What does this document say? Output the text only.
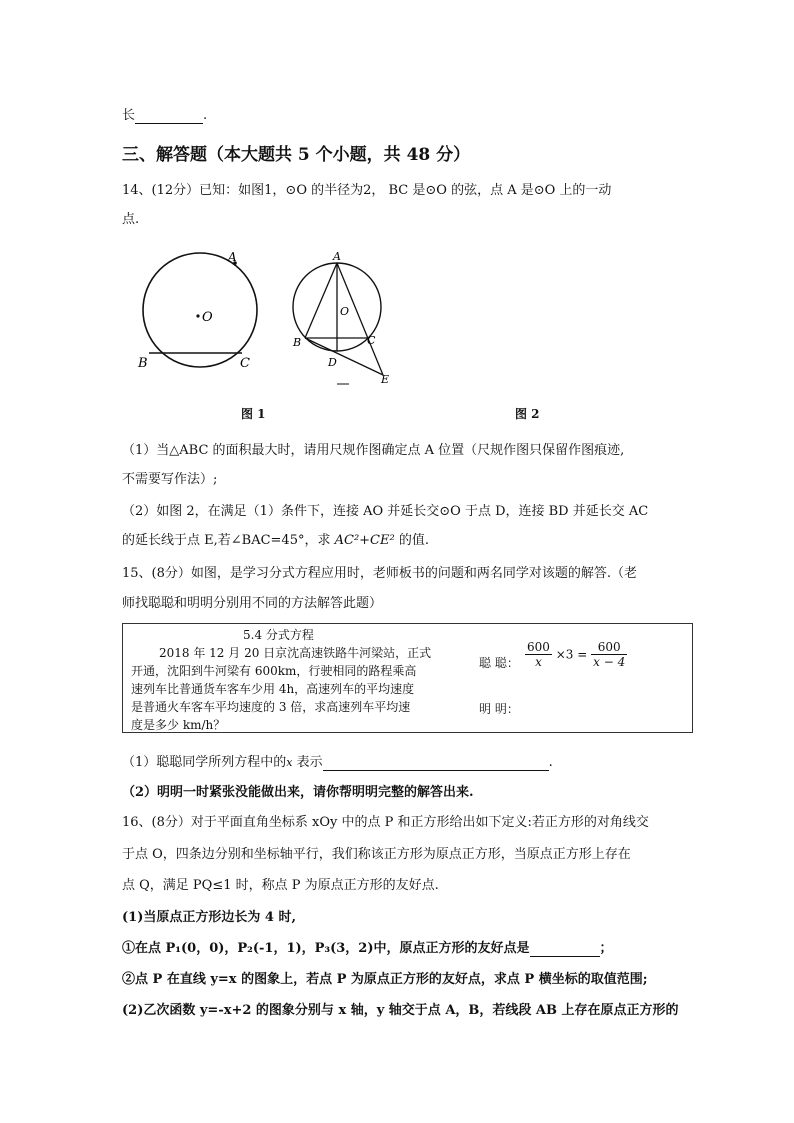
长	.
三、解答题（本大题共 5 个小题，共 48 分）
14、(12分）已知：如图1，⊙O 的半径为2， BC 是⊙O 的弦，点 A 是⊙O 上的一动
点.
A
O
B	C
A
O
B	C
D
E
图 1	图 2
（1）当△ABC 的面积最大时，请用尺规作图确定点 A 位置（尺规作图只保留作图痕迹,
不需要写作法）;
（2）如图 2，在满足（1）条件下，连接 AO 并延长交⊙O 于点 D，连接 BD 并延长交 AC
的延长线于点 E,若∠BAC=45°，求 AC²+CE² 的值.
15、(8分）如图，是学习分式方程应用时，老师板书的问题和两名同学对该题的解答.（老
师找聪聪和明明分别用不同的方法解答此题）
5.4 分式方程
2018 年 12 月 20 日京沈高速铁路牛河梁站，正式
开通，沈阳到牛河梁有 600km，行驶相同的路程乘高
速列车比普通货车客车少用 4h，高速列车的平均速度
是普通火车客车平均速度的 3 倍，求高速列车平均速
度是多少 km/h？
聪 聪： $\frac{600}{x} \times 3 = \frac{600}{x - 4}$
明 明：
（1）聪聪同学所列方程中的x 表示	.
（2）明明一时紧张没能做出来，请你帮明明完整的解答出来.
16、(8分）对于平面直角坐标系 xOy 中的点 P 和正方形给出如下定义:若正方形的对角线交
于点 O，四条边分别和坐标轴平行，我们称该正方形为原点正方形，当原点正方形上存在
点 Q，满足 PQ≤1 时，称点 P 为原点正方形的友好点.
(1)当原点正方形边长为 4 时,
①在点 P₁(0，0)，P₂(-1，1)，P₃(3，2)中，原点正方形的友好点是	；
②点 P 在直线 y=x 的图象上，若点 P 为原点正方形的友好点，求点 P 横坐标的取值范围;
(2)乙次函数 y=-x+2 的图象分别与 x 轴，y 轴交于点 A，B，若线段 AB 上存在原点正方形的
